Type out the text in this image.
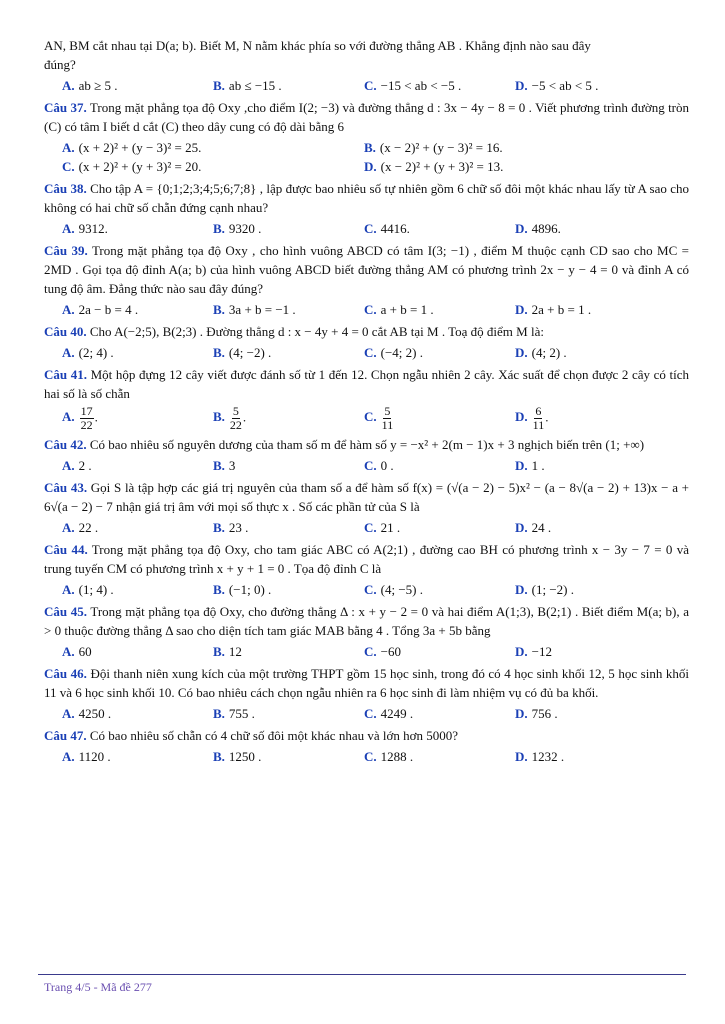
AN, BM cắt nhau tại D(a; b). Biết M, N nằm khác phía so với đường thẳng AB . Khẳng định nào sau đây
đúng?
A. ab ≥ 5 .	B. ab ≤ −15 .	C. −15 < ab < −5 .	D. −5 < ab < 5 .
Câu 37. Trong mặt phẳng tọa độ Oxy ,cho điểm I(2; −3) và đường thẳng d : 3x − 4y − 8 = 0 . Viết phương trình đường tròn (C) có tâm I biết d cắt (C) theo dây cung có độ dài bằng 6
A. (x + 2)² + (y − 3)² = 25.	B. (x − 2)² + (y − 3)² = 16.
C. (x + 2)² + (y + 3)² = 20.	D. (x − 2)² + (y + 3)² = 13.
Câu 38. Cho tập A = {0;1;2;3;4;5;6;7;8} , lập được bao nhiêu số tự nhiên gồm 6 chữ số đôi một khác nhau lấy từ A sao cho không có hai chữ số chẵn đứng cạnh nhau?
A. 9312.	B. 9320 .	C. 4416.	D. 4896.
Câu 39. Trong mặt phẳng tọa độ Oxy , cho hình vuông ABCD có tâm I(3; −1) , điểm M thuộc cạnh CD sao cho MC = 2MD . Gọi tọa độ đỉnh A(a; b) của hình vuông ABCD biết đường thẳng AM có phương trình 2x − y − 4 = 0 và đỉnh A có tung độ âm. Đẳng thức nào sau đây đúng?
A. 2a − b = 4 .	B. 3a + b = −1 .	C. a + b = 1 .	D. 2a + b = 1 .
Câu 40. Cho A(−2;5), B(2;3) . Đường thẳng d : x − 4y + 4 = 0 cắt AB tại M . Toạ độ điểm M là:
A. (2; 4) .	B. (4; −2) .	C. (−4; 2) .	D. (4; 2) .
Câu 41. Một hộp đựng 12 cây viết được đánh số từ 1 đến 12. Chọn ngẫu nhiên 2 cây. Xác suất để chọn được 2 cây có tích hai số là số chẵn
A. $\frac{17}{22}$ .	B. $\frac{5}{22}$ .	C. $\frac{5}{11}$	D. $\frac{6}{11}$ .
Câu 42. Có bao nhiêu số nguyên dương của tham số m để hàm số y = −x² + 2(m − 1)x + 3 nghịch biến trên (1; +∞)
A. 2 .	B. 3	C. 0 .	D. 1 .
Câu 43. Gọi S là tập hợp các giá trị nguyên của tham số a để hàm số f(x) = (√(a − 2) − 5)x² − (a − 8√(a − 2) + 13)x − a + 6√(a − 2) − 7 nhận giá trị âm với mọi số thực x . Số các phần tử của S là
A. 22 .	B. 23 .	C. 21 .	D. 24 .
Câu 44. Trong mặt phẳng tọa độ Oxy, cho tam giác ABC có A(2;1) , đường cao BH có phương trình x − 3y − 7 = 0 và trung tuyến CM có phương trình x + y + 1 = 0 . Tọa độ đỉnh C là
A. (1; 4) .	B. (−1; 0) .	C. (4; −5) .	D. (1; −2) .
Câu 45. Trong mặt phẳng tọa độ Oxy, cho đường thẳng Δ : x + y − 2 = 0 và hai điểm A(1;3), B(2;1) . Biết điểm M(a; b), a > 0 thuộc đường thẳng Δ sao cho diện tích tam giác MAB bằng 4 . Tổng 3a + 5b bằng
A. 60	B. 12	C. −60	D. −12
Câu 46. Đội thanh niên xung kích của một trường THPT gồm 15 học sinh, trong đó có 4 học sinh khối 12, 5 học sinh khối 11 và 6 học sinh khối 10. Có bao nhiêu cách chọn ngẫu nhiên ra 6 học sinh đi làm nhiệm vụ có đủ ba khối.
A. 4250 .	B. 755 .	C. 4249 .	D. 756 .
Câu 47. Có bao nhiêu số chẵn có 4 chữ số đôi một khác nhau và lớn hơn 5000?
A. 1120 .	B. 1250 .	C. 1288 .	D. 1232 .
Trang 4/5 - Mã đề 277
